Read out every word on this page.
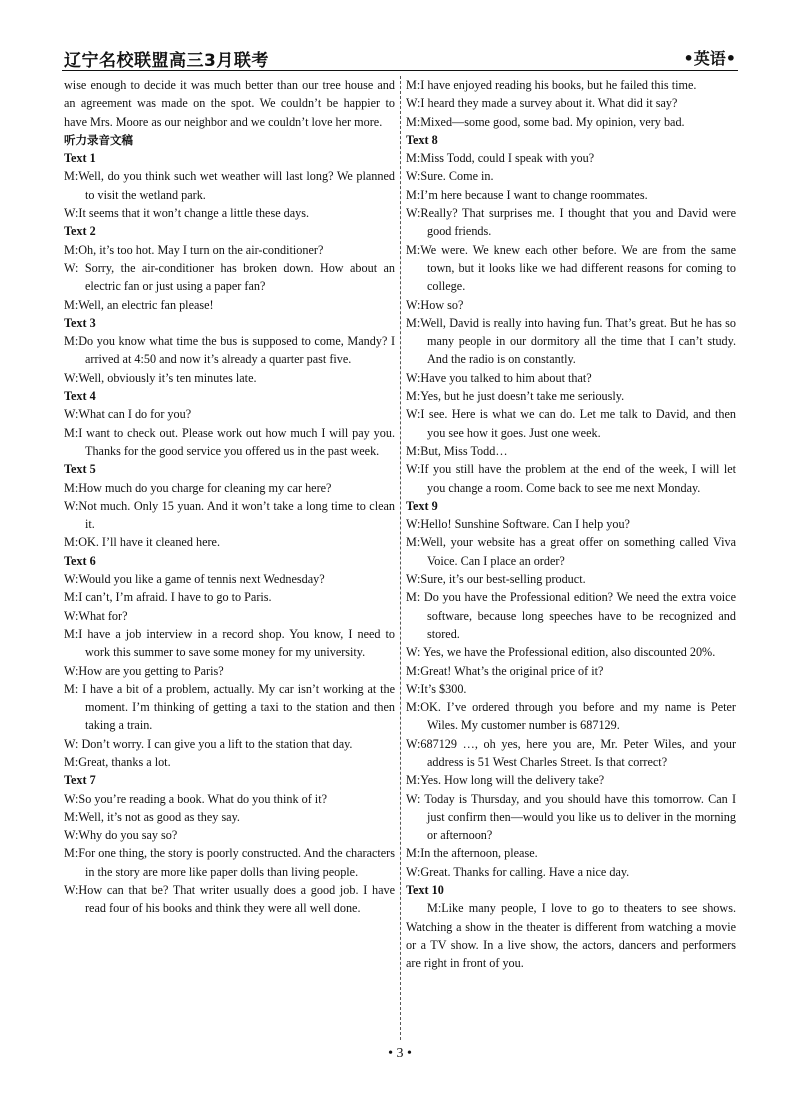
辽宁名校联盟高三3月联考	•英语•

wise enough to decide it was much better than our tree house and an agreement was made on the spot. We couldn’t be happier to have Mrs. Moore as our neighbor and we couldn’t love her more.

听力录音文稿

Text 1

M:Well, do you think such wet weather will last long? We planned to visit the wetland park.

W:It seems that it won’t change a little these days.

Text 2

M:Oh, it’s too hot. May I turn on the air-conditioner?

W: Sorry, the air-conditioner has broken down. How about an electric fan or just using a paper fan?

M:Well, an electric fan please!

Text 3

M:Do you know what time the bus is supposed to come, Mandy? I arrived at 4:50 and now it’s already a quarter past five.

W:Well, obviously it’s ten minutes late.

Text 4

W:What can I do for you?

M:I want to check out. Please work out how much I will pay you. Thanks for the good service you offered us in the past week.

Text 5

M:How much do you charge for cleaning my car here?

W:Not much. Only 15 yuan. And it won’t take a long time to clean it.

M:OK. I’ll have it cleaned here.

Text 6

W:Would you like a game of tennis next Wednesday?

M:I can’t, I’m afraid. I have to go to Paris.

W:What for?

M:I have a job interview in a record shop. You know, I need to work this summer to save some money for my university.

W:How are you getting to Paris?

M: I have a bit of a problem, actually. My car isn’t working at the moment. I’m thinking of getting a taxi to the station and then taking a train.

W: Don’t worry. I can give you a lift to the station that day.

M:Great, thanks a lot.

Text 7

W:So you’re reading a book. What do you think of it?

M:Well, it’s not as good as they say.

W:Why do you say so?

M:For one thing, the story is poorly constructed. And the characters in the story are more like paper dolls than living people.

W:How can that be? That writer usually does a good job. I have read four of his books and think they were all well done.

M:I have enjoyed reading his books, but he failed this time.

W:I heard they made a survey about it. What did it say?

M:Mixed—some good, some bad. My opinion, very bad.

Text 8

M:Miss Todd, could I speak with you?

W:Sure. Come in.

M:I’m here because I want to change roommates.

W:Really? That surprises me. I thought that you and David were good friends.

M:We were. We knew each other before. We are from the same town, but it looks like we had different reasons for coming to college.

W:How so?

M:Well, David is really into having fun. That’s great. But he has so many people in our dormitory all the time that I can’t study. And the radio is on constantly.

W:Have you talked to him about that?

M:Yes, but he just doesn’t take me seriously.

W:I see. Here is what we can do. Let me talk to David, and then you see how it goes. Just one week.

M:But, Miss Todd…

W:If you still have the problem at the end of the week, I will let you change a room. Come back to see me next Monday.

Text 9

W:Hello! Sunshine Software. Can I help you?

M:Well, your website has a great offer on something called Viva Voice. Can I place an order?

W:Sure, it’s our best-selling product.

M: Do you have the Professional edition? We need the extra voice software, because long speeches have to be recognized and stored.

W: Yes, we have the Professional edition, also discounted 20%.

M:Great! What’s the original price of it?

W:It’s $300.

M:OK. I’ve ordered through you before and my name is Peter Wiles. My customer number is 687129.

W:687129 …, oh yes, here you are, Mr. Peter Wiles, and your address is 51 West Charles Street. Is that correct?

M:Yes. How long will the delivery take?

W: Today is Thursday, and you should have this tomorrow. Can I just confirm then—would you like us to deliver in the morning or afternoon?

M:In the afternoon, please.

W:Great. Thanks for calling. Have a nice day.

Text 10

M:Like many people, I love to go to theaters to see shows. Watching a show in the theater is different from watching a movie or a TV show. In a live show, the actors, dancers and performers are right in front of you.

• 3 •
